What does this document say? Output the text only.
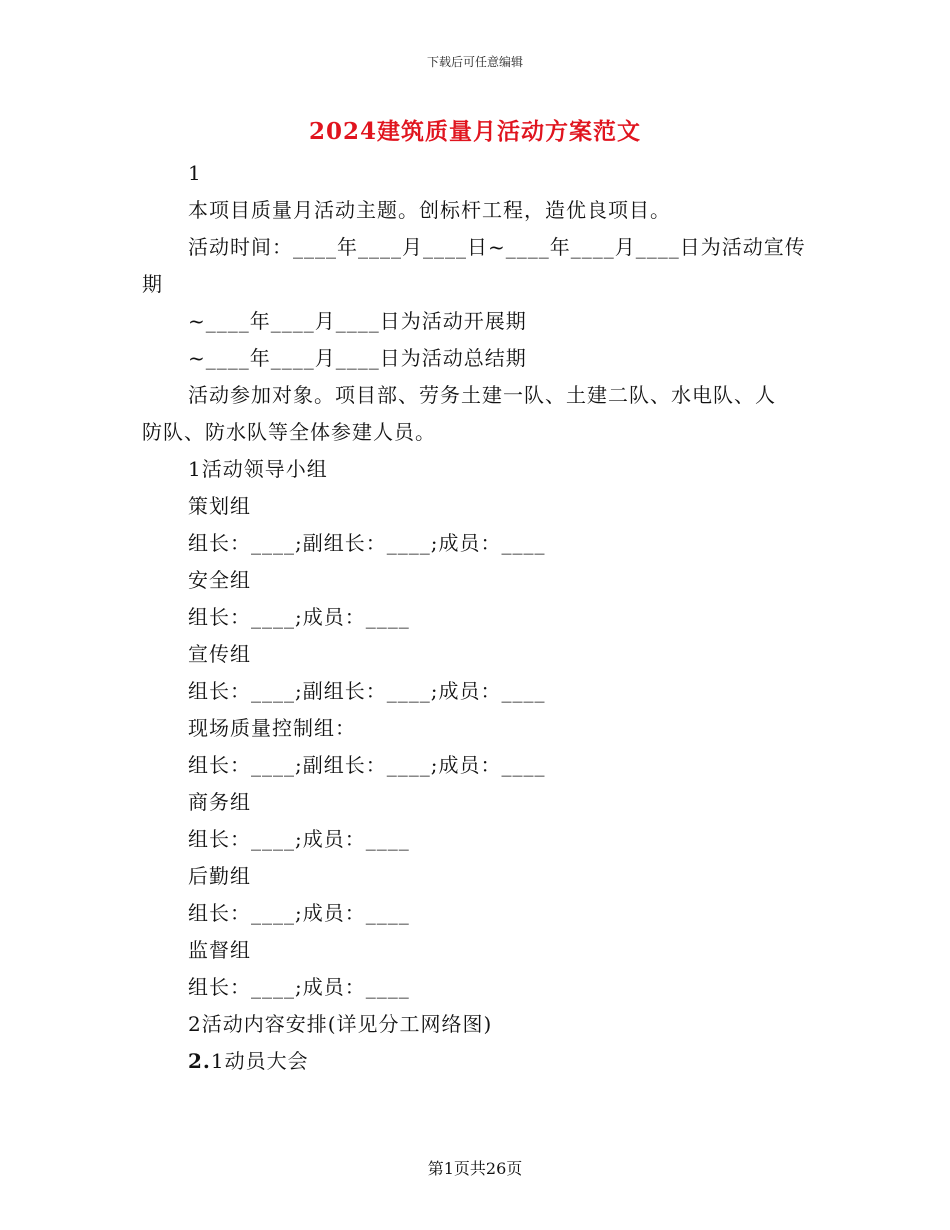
下载后可任意编辑
2024建筑质量月活动方案范文
1
本项目质量月活动主题。创标杆工程，造优良项目。
活动时间：____年____月____日~____年____月____日为活动宣传
期
~____年____月____日为活动开展期
~____年____月____日为活动总结期
活动参加对象。项目部、劳务土建一队、土建二队、水电队、人
防队、防水队等全体参建人员。
1活动领导小组
策划组
组长：____;副组长：____;成员：____
安全组
组长：____;成员：____
宣传组
组长：____;副组长：____;成员：____
现场质量控制组：
组长：____;副组长：____;成员：____
商务组
组长：____;成员：____
后勤组
组长：____;成员：____
监督组
组长：____;成员：____
2活动内容安排(详见分工网络图)
2.1动员大会
第1页共26页
